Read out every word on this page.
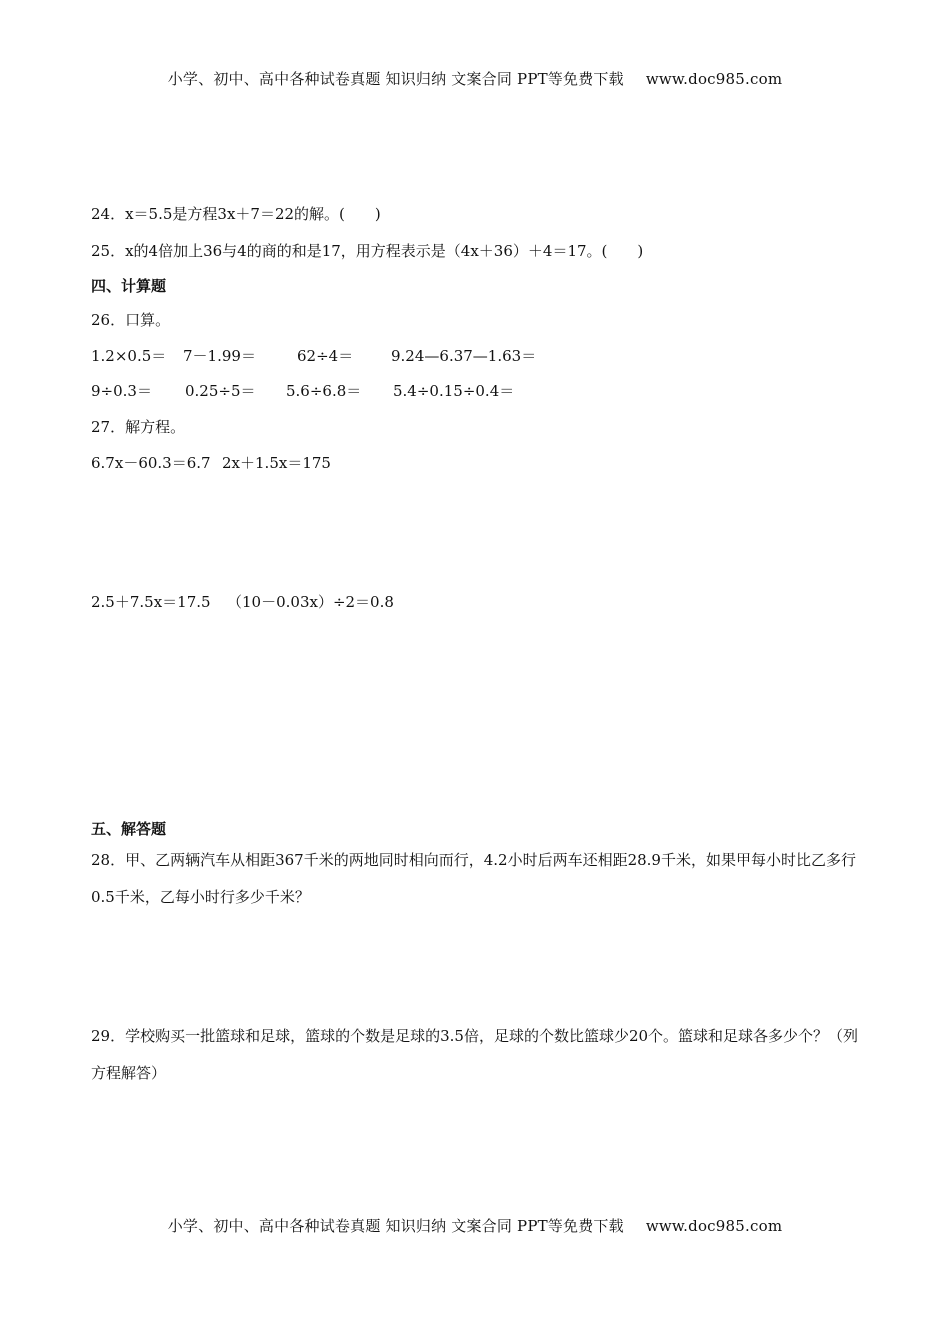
小学、初中、高中各种试卷真题 知识归纳 文案合同 PPT等免费下载 www.doc985.com
24．x＝5.5是方程3x＋7＝22的解。(　　)
25．x的4倍加上36与4的商的和是17，用方程表示是（4x＋36）＋4＝17。(　　)
四、计算题
26．口算。
1.2×0.5＝ 7－1.99＝	62÷4＝	9.24—6.37—1.63＝
9÷0.3＝ 0.25÷5＝ 5.6÷6.8＝ 5.4÷0.15÷0.4＝
27．解方程。
6.7x－60.3＝6.7 2x＋1.5x＝175
2.5＋7.5x＝17.5 （10－0.03x）÷2＝0.8
五、解答题
28．甲、乙两辆汽车从相距367千米的两地同时相向而行，4.2小时后两车还相距28.9千米，如果甲每小时比乙多行0.5千米，乙每小时行多少千米？
29．学校购买一批篮球和足球，篮球的个数是足球的3.5倍，足球的个数比篮球少20个。篮球和足球各多少个？（列方程解答）
小学、初中、高中各种试卷真题 知识归纳 文案合同 PPT等免费下载 www.doc985.com
